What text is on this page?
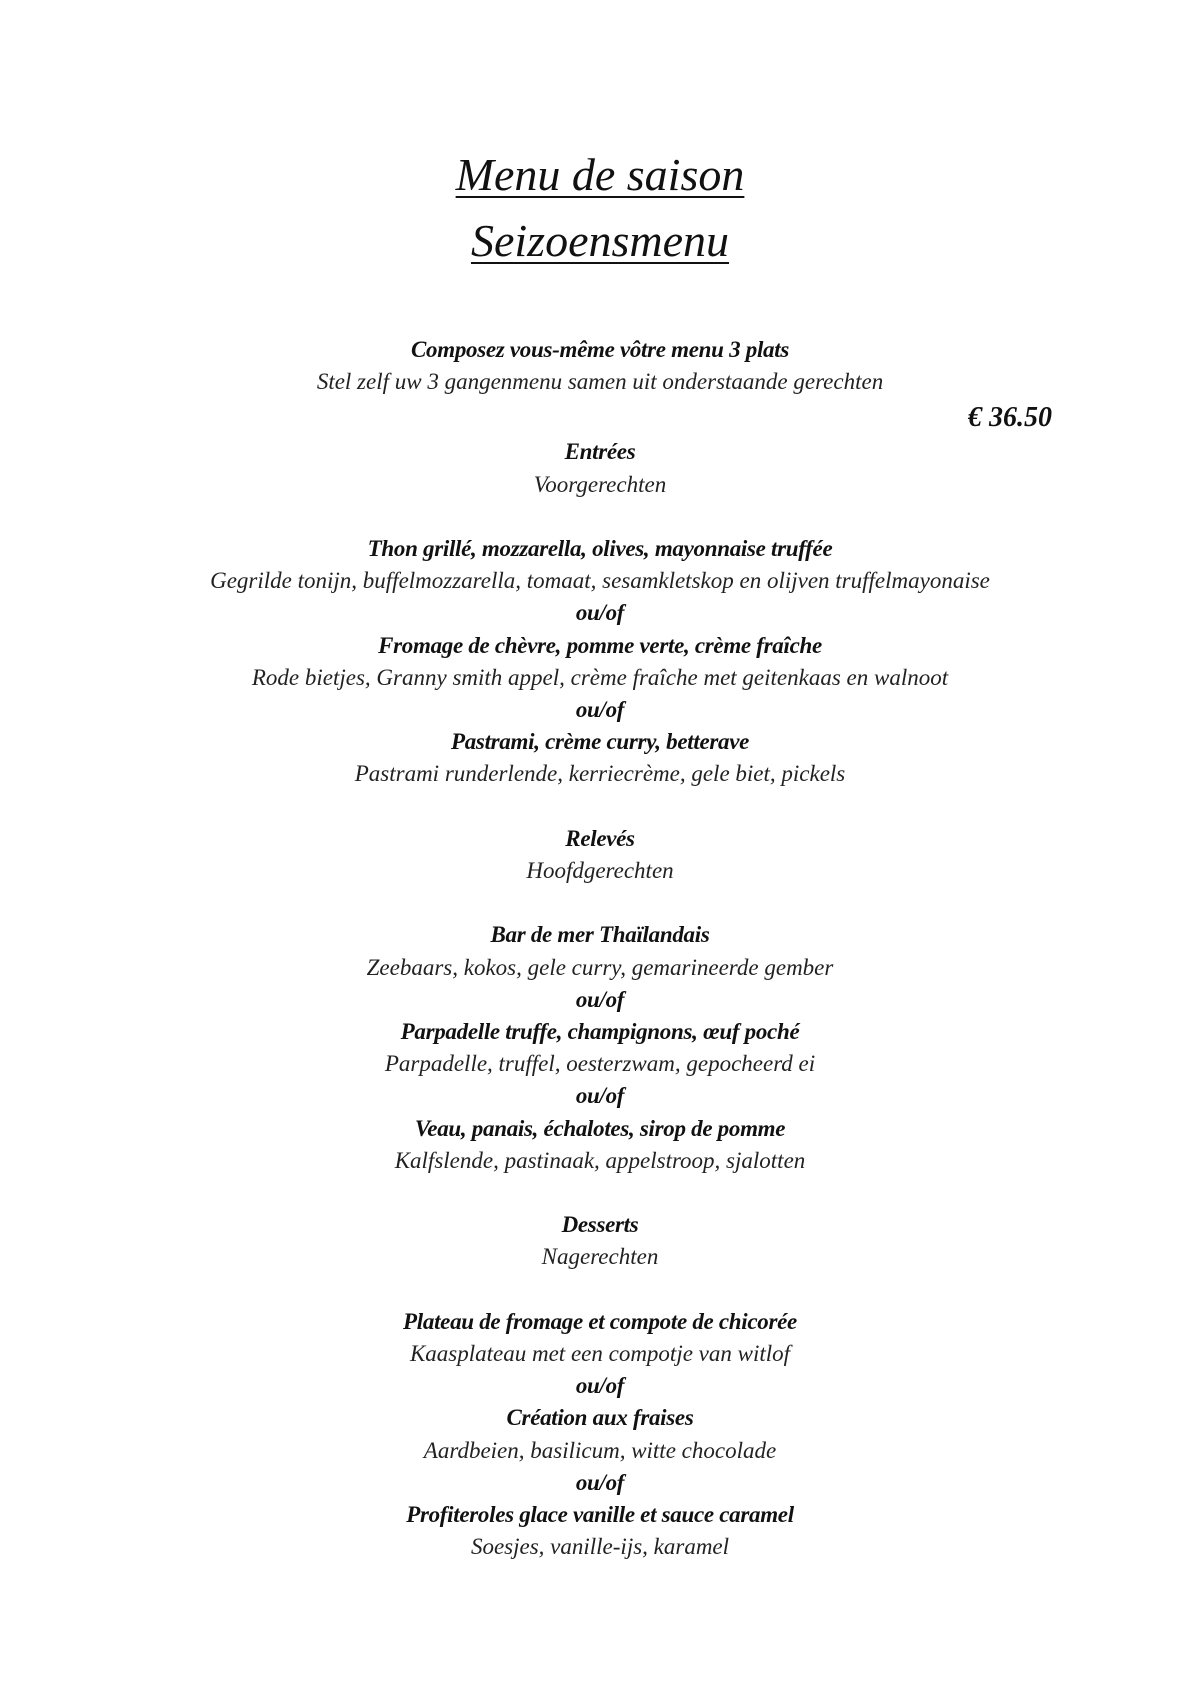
Menu de saison
Seizoensmenu
Composez vous-même vôtre menu 3 plats
Stel zelf uw 3 gangenmenu samen uit onderstaande gerechten
€ 36.50
Entrées
Voorgerechten
Thon grillé, mozzarella, olives, mayonnaise truffée
Gegrilde tonijn, buffelmozzarella, tomaat, sesamkletskop en olijven truffelmayonaise
ou/of
Fromage de chèvre, pomme verte, crème fraîche
Rode bietjes, Granny smith appel, crème fraîche met geitenkaas en walnoot
ou/of
Pastrami, crème curry, betterave
Pastrami runderlende, kerriecrème, gele biet, pickels
Relevés
Hoofdgerechten
Bar de mer Thaïlandais
Zeebaars, kokos, gele curry, gemarineerde gember
ou/of
Parpadelle truffe, champignons, œuf poché
Parpadelle, truffel, oesterzwam, gepocheerd ei
ou/of
Veau, panais, échalotes, sirop de pomme
Kalfslende, pastinaak, appelstroop, sjalotten
Desserts
Nagerechten
Plateau de fromage et compote de chicorée
Kaasplateau met een compotje van witlof
ou/of
Création aux fraises
Aardbeien, basilicum, witte chocolade
ou/of
Profiteroles glace vanille et sauce caramel
Soesjes, vanille-ijs, karamel
